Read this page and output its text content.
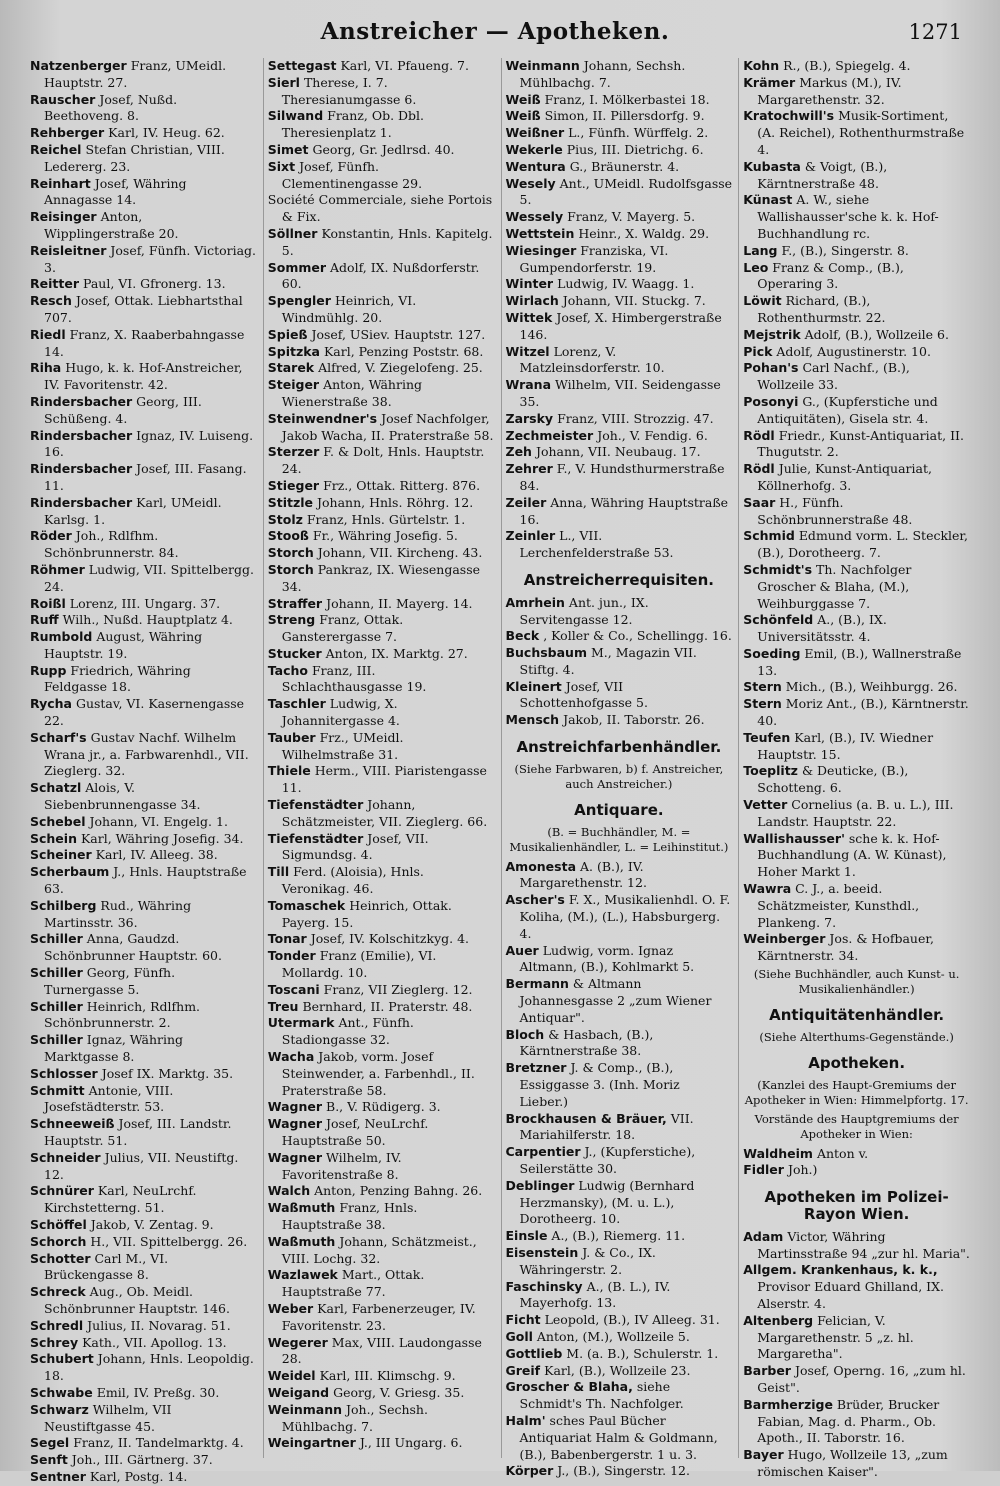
Anstreicher — Apotheken.	1271

Natzenberger Franz, UMeidl. Hauptstr. 27.

Rauscher Josef, Nußd. Beethoveng. 8.

Rehberger Karl, IV. Heug. 62.

Reichel Stefan Christian, VIII. Ledererg. 23.

Reinhart Josef, Währing Annagasse 14.

Reisinger Anton, Wipplingerstraße 20.

Reisleitner Josef, Fünfh. Victoriag. 3.

Reitter Paul, VI. Gfronerg. 13.

Resch Josef, Ottak. Liebhartsthal 707.

Riedl Franz, X. Raaberbahngasse 14.

Riha Hugo, k. k. Hof-Anstreicher, IV. Favoritenstr. 42.

Rindersbacher Georg, III. Schüßeng. 4.

Rindersbacher Ignaz, IV. Luiseng. 16.

Rindersbacher Josef, III. Fasang. 11.

Rindersbacher Karl, UMeidl. Karlsg. 1.

Röder Joh., Rdlfhm. Schönbrunnerstr. 84.

Röhmer Ludwig, VII. Spittelbergg. 24.

Roißl Lorenz, III. Ungarg. 37.

Ruff Wilh., Nußd. Hauptplatz 4.

Rumbold August, Währing Hauptstr. 19.

Rupp Friedrich, Währing Feldgasse 18.

Rycha Gustav, VI. Kasernengasse 22.

Scharf's Gustav Nachf. Wilhelm Wrana jr., a. Farbwarenhdl., VII. Zieglerg. 32.

Schatzl Alois, V. Siebenbrunnengasse 34.

Schebel Johann, VI. Engelg. 1.

Schein Karl, Währing Josefig. 34.

Scheiner Karl, IV. Alleeg. 38.

Scherbaum J., Hnls. Hauptstraße 63.

Schilberg Rud., Währing Martinsstr. 36.

Schiller Anna, Gaudzd. Schönbrunner Hauptstr. 60.

Schiller Georg, Fünfh. Turnergasse 5.

Schiller Heinrich, Rdlfhm. Schönbrunnerstr. 2.

Schiller Ignaz, Währing Marktgasse 8.

Schlosser Josef IX. Marktg. 35.

Schmitt Antonie, VIII. Josefstädterstr. 53.

Schneeweiß Josef, III. Landstr. Hauptstr. 51.

Schneider Julius, VII. Neustiftg. 12.

Schnürer Karl, NeuLrchf. Kirchstetterng. 51.

Schöffel Jakob, V. Zentag. 9.

Schorch H., VII. Spittelbergg. 26.

Schotter Carl M., VI. Brückengasse 8.

Schreck Aug., Ob. Meidl. Schönbrunner Hauptstr. 146.

Schredl Julius, II. Novarag. 51.

Schrey Kath., VII. Apollog. 13.

Schubert Johann, Hnls. Leopoldig. 18.

Schwabe Emil, IV. Preßg. 30.

Schwarz Wilhelm, VII Neustiftgasse 45.

Segel Franz, II. Tandelmarktg. 4.

Senft Joh., III. Gärtnerg. 37.

Sentner Karl, Postg. 14.

Settegast Karl, VI. Pfaueng. 7.

Sierl Therese, I. 7. Theresianumgasse 6.

Silwand Franz, Ob. Dbl. Theresienplatz 1.

Simet Georg, Gr. Jedlrsd. 40.

Sixt Josef, Fünfh. Clementinengasse 29.

Société Commerciale, siehe Portois & Fix.

Söllner Konstantin, Hnls. Kapitelg. 5.

Sommer Adolf, IX. Nußdorferstr. 60.

Spengler Heinrich, VI. Windmühlg. 20.

Spieß Josef, USiev. Hauptstr. 127.

Spitzka Karl, Penzing Poststr. 68.

Starek Alfred, V. Ziegelofeng. 25.

Steiger Anton, Währing Wienerstraße 38.

Steinwendner's Josef Nachfolger, Jakob Wacha, II. Praterstraße 58.

Sterzer F. & Dolt, Hnls. Hauptstr. 24.

Stieger Frz., Ottak. Ritterg. 876.

Stitzle Johann, Hnls. Röhrg. 12.

Stolz Franz, Hnls. Gürtelstr. 1.

Stooß Fr., Währing Josefig. 5.

Storch Johann, VII. Kircheng. 43.

Storch Pankraz, IX. Wiesengasse 34.

Straffer Johann, II. Mayerg. 14.

Streng Franz, Ottak. Gansterergasse 7.

Stucker Anton, IX. Marktg. 27.

Tacho Franz, III. Schlachthausgasse 19.

Taschler Ludwig, X. Johannitergasse 4.

Tauber Frz., UMeidl. Wilhelmstraße 31.

Thiele Herm., VIII. Piaristengasse 11.

Tiefenstädter Johann, Schätzmeister, VII. Zieglerg. 66.

Tiefenstädter Josef, VII. Sigmundsg. 4.

Till Ferd. (Aloisia), Hnls. Veronikag. 46.

Tomaschek Heinrich, Ottak. Payerg. 15.

Tonar Josef, IV. Kolschitzkyg. 4.

Tonder Franz (Emilie), VI. Mollardg. 10.

Toscani Franz, VII Zieglerg. 12.

Treu Bernhard, II. Praterstr. 48.

Utermark Ant., Fünfh. Stadiongasse 32.

Wacha Jakob, vorm. Josef Steinwender, a. Farbenhdl., II. Praterstraße 58.

Wagner B., V. Rüdigerg. 3.

Wagner Josef, NeuLrchf. Hauptstraße 50.

Wagner Wilhelm, IV. Favoritenstraße 8.

Walch Anton, Penzing Bahng. 26.

Waßmuth Franz, Hnls. Hauptstraße 38.

Waßmuth Johann, Schätzmeist., VIII. Lochg. 32.

Wazlawek Mart., Ottak. Hauptstraße 77.

Weber Karl, Farbenerzeuger, IV. Favoritenstr. 23.

Wegerer Max, VIII. Laudongasse 28.

Weidel Karl, III. Klimschg. 9.

Weigand Georg, V. Griesg. 35.

Weinmann Joh., Sechsh. Mühlbachg. 7.

Weingartner J., III Ungarg. 6.

Weinmann Johann, Sechsh. Mühlbachg. 7.

Weiß Franz, I. Mölkerbastei 18.

Weiß Simon, II. Pillersdorfg. 9.

Weißner L., Fünfh. Würffelg. 2.

Wekerle Pius, III. Dietrichg. 6.

Wentura G., Bräunerstr. 4.

Wesely Ant., UMeidl. Rudolfsgasse 5.

Wessely Franz, V. Mayerg. 5.

Wettstein Heinr., X. Waldg. 29.

Wiesinger Franziska, VI. Gumpendorferstr. 19.

Winter Ludwig, IV. Waagg. 1.

Wirlach Johann, VII. Stuckg. 7.

Wittek Josef, X. Himbergerstraße 146.

Witzel Lorenz, V. Matzleinsdorferstr. 10.

Wrana Wilhelm, VII. Seidengasse 35.

Zarsky Franz, VIII. Strozzig. 47.

Zechmeister Joh., V. Fendig. 6.

Zeh Johann, VII. Neubaug. 17.

Zehrer F., V. Hundsthurmerstraße 84.

Zeiler Anna, Währing Hauptstraße 16.

Zeinler L., VII. Lerchenfelderstraße 53.

Anstreicherrequisiten.

Amrhein Ant. jun., IX. Servitengasse 12.

Beck , Koller & Co., Schellingg. 16.

Buchsbaum M., Magazin VII. Stiftg. 4.

Kleinert Josef, VII Schottenhofgasse 5.

Mensch Jakob, II. Taborstr. 26.

Anstreichfarbenhändler.
(Siehe Farbwaren, b) f. Anstreicher, auch Anstreicher.)
Antiquare.
(B. = Buchhändler, M. = Musikalienhändler, L. = Leihinstitut.)

Amonesta A. (B.), IV. Margarethenstr. 12.

Ascher's F. X., Musikalienhdl. O. F. Koliha, (M.), (L.), Habsburgerg. 4.

Auer Ludwig, vorm. Ignaz Altmann, (B.), Kohlmarkt 5.

Bermann & Altmann Johannesgasse 2 „zum Wiener Antiquar".

Bloch & Hasbach, (B.), Kärntnerstraße 38.

Bretzner J. & Comp., (B.), Essiggasse 3. (Inh. Moriz Lieber.)

Brockhausen & Bräuer, VII. Mariahilferstr. 18.

Carpentier J., (Kupferstiche), Seilerstätte 30.

Deblinger Ludwig (Bernhard Herzmansky), (M. u. L.), Dorotheerg. 10.

Einsle A., (B.), Riemerg. 11.

Eisenstein J. & Co., IX. Währingerstr. 2.

Faschinsky A., (B. L.), IV. Mayerhofg. 13.

Ficht Leopold, (B.), IV Alleeg. 31.

Goll Anton, (M.), Wollzeile 5.

Gottlieb M. (a. B.), Schulerstr. 1.

Greif Karl, (B.), Wollzeile 23.

Groscher & Blaha, siehe Schmidt's Th. Nachfolger.

Halm' sches Paul Bücher Antiquariat Halm & Goldmann, (B.), Babenbergerstr. 1 u. 3.

Körper J., (B.), Singerstr. 12.

Kohn R., (B.), Spiegelg. 4.

Krämer Markus (M.), IV. Margarethenstr. 32.

Kratochwill's Musik-Sortiment, (A. Reichel), Rothenthurmstraße 4.

Kubasta & Voigt, (B.), Kärntnerstraße 48.

Künast A. W., siehe Wallishausser'sche k. k. Hof-Buchhandlung rc.

Lang F., (B.), Singerstr. 8.

Leo Franz & Comp., (B.), Operaring 3.

Löwit Richard, (B.), Rothenthurmstr. 22.

Mejstrik Adolf, (B.), Wollzeile 6.

Pick Adolf, Augustinerstr. 10.

Pohan's Carl Nachf., (B.), Wollzeile 33.

Posonyi G., (Kupferstiche und Antiquitäten), Gisela str. 4.

Rödl Friedr., Kunst-Antiquariat, II. Thugutstr. 2.

Rödl Julie, Kunst-Antiquariat, Köllnerhofg. 3.

Saar H., Fünfh. Schönbrunnerstraße 48.

Schmid Edmund vorm. L. Steckler, (B.), Dorotheerg. 7.

Schmidt's Th. Nachfolger Groscher & Blaha, (M.), Weihburggasse 7.

Schönfeld A., (B.), IX. Universitätsstr. 4.

Soeding Emil, (B.), Wallnerstraße 13.

Stern Mich., (B.), Weihburgg. 26.

Stern Moriz Ant., (B.), Kärntnerstr. 40.

Teufen Karl, (B.), IV. Wiedner Hauptstr. 15.

Toeplitz & Deuticke, (B.), Schotteng. 6.

Vetter Cornelius (a. B. u. L.), III. Landstr. Hauptstr. 22.

Wallishausser' sche k. k. Hof-Buchhandlung (A. W. Künast), Hoher Markt 1.

Wawra C. J., a. beeid. Schätzmeister, Kunsthdl., Plankeng. 7.

Weinberger Jos. & Hofbauer, Kärntnerstr. 34.

(Siehe Buchhändler, auch Kunst- u. Musikalienhändler.)
Antiquitätenhändler.
(Siehe Alterthums-Gegenstände.)
Apotheken.
(Kanzlei des Haupt-Gremiums der Apotheker in Wien: Himmelpfortg. 17.
Vorstände des Hauptgremiums der Apotheker in Wien:

Waldheim Anton v.

Fidler Joh.)

Apotheken im Polizei-Rayon Wien.

Adam Victor, Währing Martinsstraße 94 „zur hl. Maria".

Allgem. Krankenhaus, k. k., Provisor Eduard Ghilland, IX. Alserstr. 4.

Altenberg Felician, V. Margarethenstr. 5 „z. hl. Margaretha".

Barber Josef, Operng. 16, „zum hl. Geist".

Barmherzige Brüder, Brucker Fabian, Mag. d. Pharm., Ob. Apoth., II. Taborstr. 16.

Bayer Hugo, Wollzeile 13, „zum römischen Kaiser".
